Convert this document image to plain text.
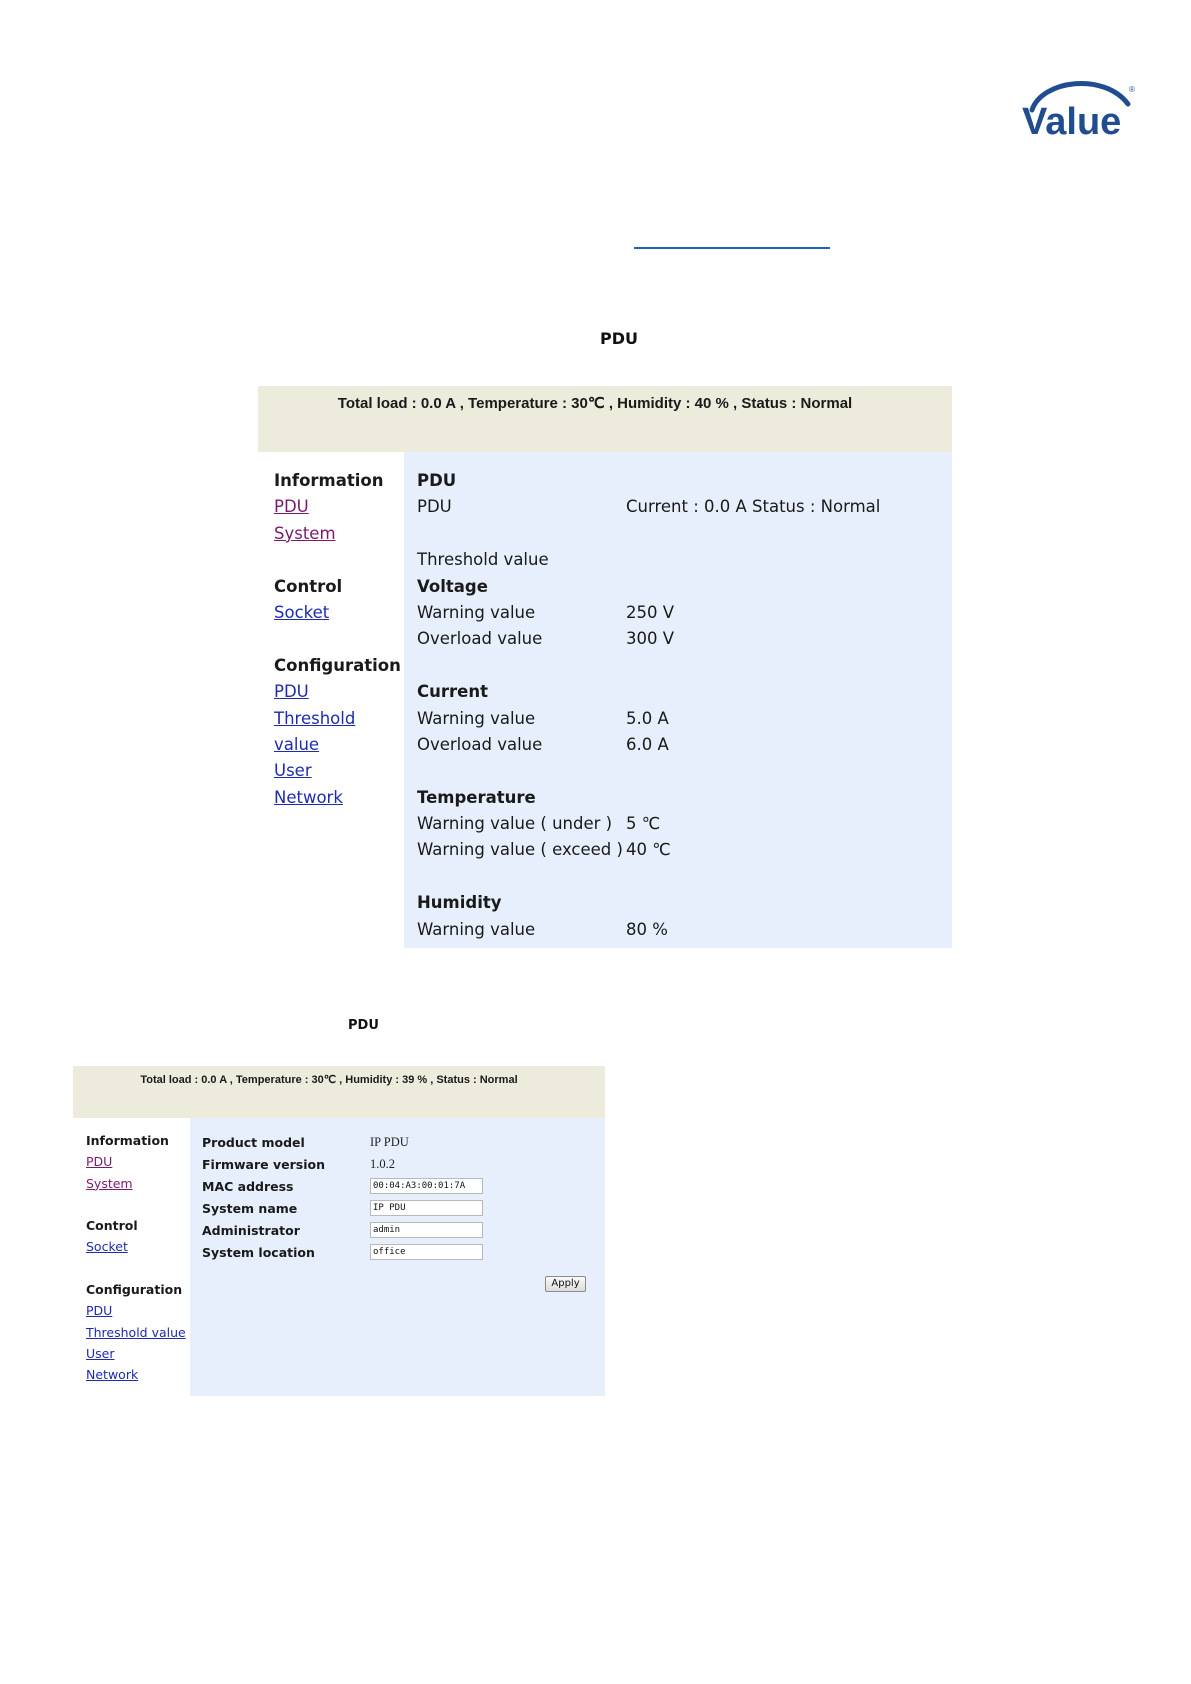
Value
®
PDU
Total load : 0.0 A , Temperature : 30℃ , Humidity : 40 % , Status : Normal
Information
PDU
System
Control
Socket
Configuration
PDU
Threshold value
User
Network
PDU
PDU	Current : 0.0 A Status : Normal
Threshold value
Voltage
Warning value	250 V
Overload value	300 V
Current
Warning value	5.0 A
Overload value	6.0 A
Temperature
Warning value ( under ) 5 ℃
Warning value ( exceed ) 40 ℃
Humidity
Warning value	80 %
PDU
Total load : 0.0 A , Temperature : 30℃ , Humidity : 39 % , Status : Normal
Information
PDU
System
Control
Socket
Configuration
PDU
Threshold value
User
Network
Product model	IP PDU
Firmware version	1.0.2
MAC address	00:04:A3:00:01:7A
System name	IP PDU
Administrator	admin
System location	office
Apply
